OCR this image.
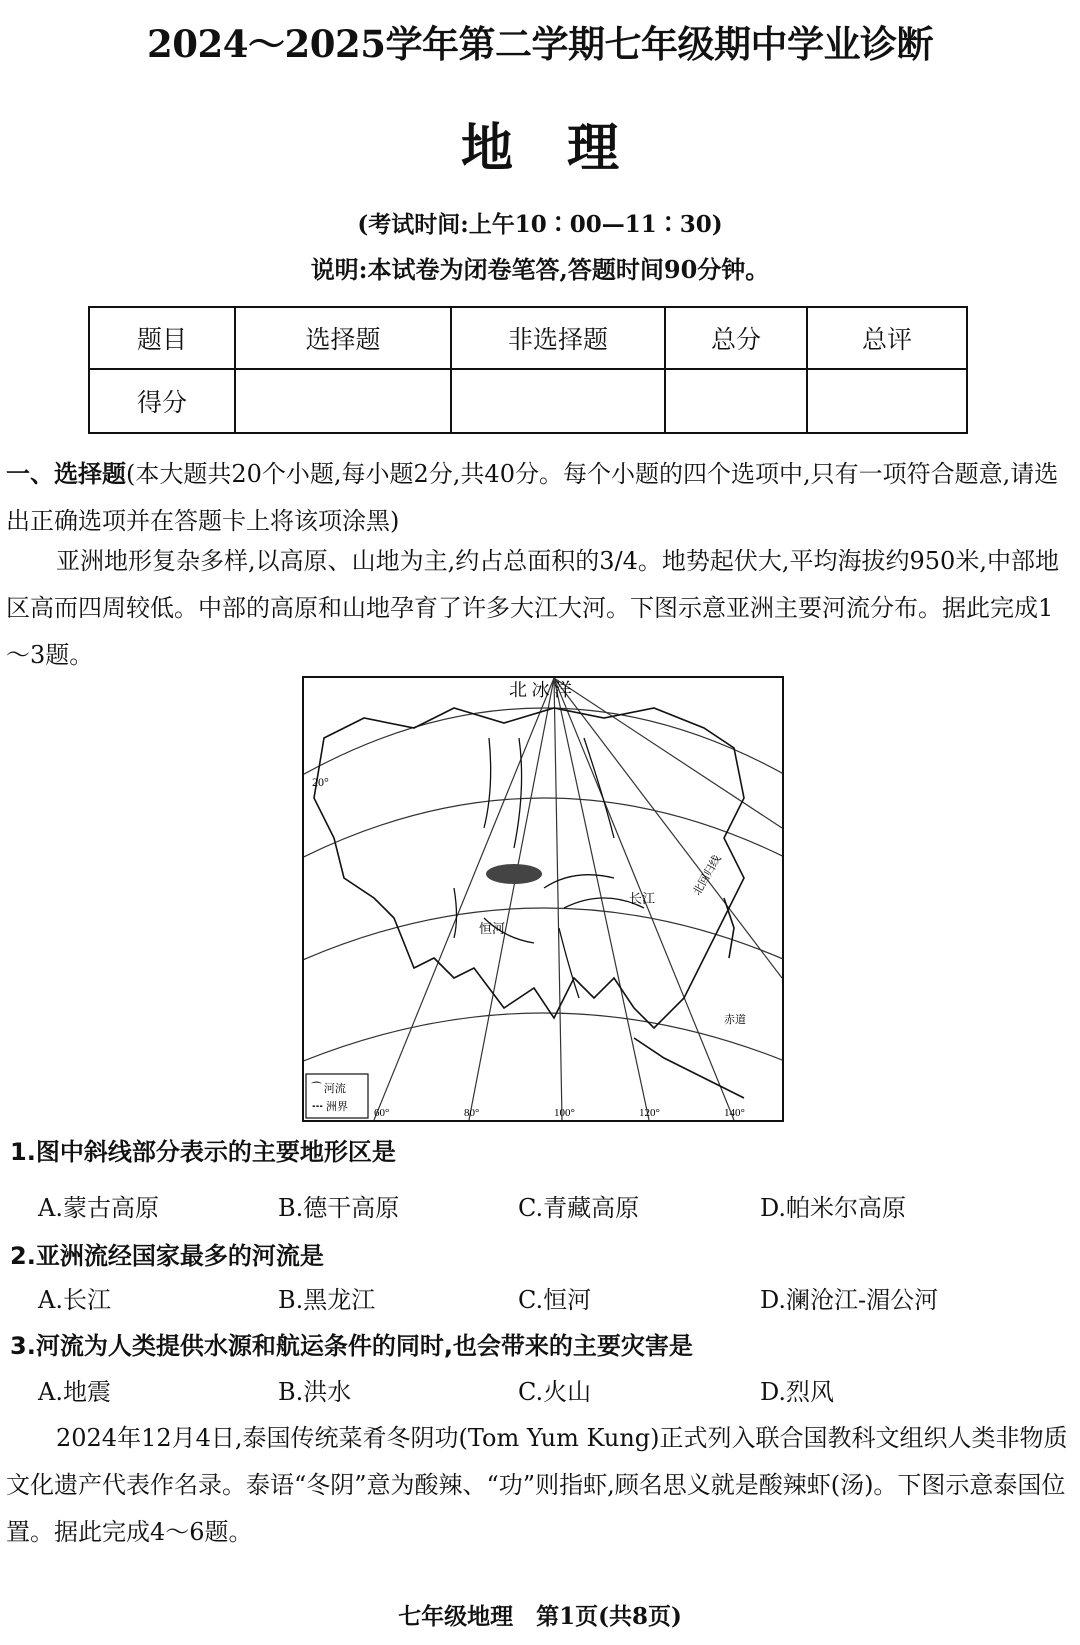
2024～2025学年第二学期七年级期中学业诊断
地理
(考试时间:上午10∶00—11∶30)
说明:本试卷为闭卷笔答,答题时间90分钟。
题目	选择题	非选择题	总分	总评
得分				
一、选择题(本大题共20个小题,每小题2分,共40分。每个小题的四个选项中,只有一项符合题意,请选出正确选项并在答题卡上将该项涂黑)
亚洲地形复杂多样,以高原、山地为主,约占总面积的3/4。地势起伏大,平均海拔约950米,中部地区高而四周较低。中部的高原和山地孕育了许多大江大河。下图示意亚洲主要河流分布。据此完成1～3题。
北 冰 洋
长江
恒河
北回归线
赤道
20°
60°	80°	100°	120°	140°
⁀ 河流
┅ 洲界
1.图中斜线部分表示的主要地形区是
A.蒙古高原	B.德干高原	C.青藏高原	D.帕米尔高原
2.亚洲流经国家最多的河流是
A.长江	B.黑龙江	C.恒河	D.澜沧江-湄公河
3.河流为人类提供水源和航运条件的同时,也会带来的主要灾害是
A.地震	B.洪水	C.火山	D.烈风
2024年12月4日,泰国传统菜肴冬阴功(Tom Yum Kung)正式列入联合国教科文组织人类非物质文化遗产代表作名录。泰语“冬阴”意为酸辣、“功”则指虾,顾名思义就是酸辣虾(汤)。下图示意泰国位置。据此完成4～6题。
七年级地理　第1页(共8页)
